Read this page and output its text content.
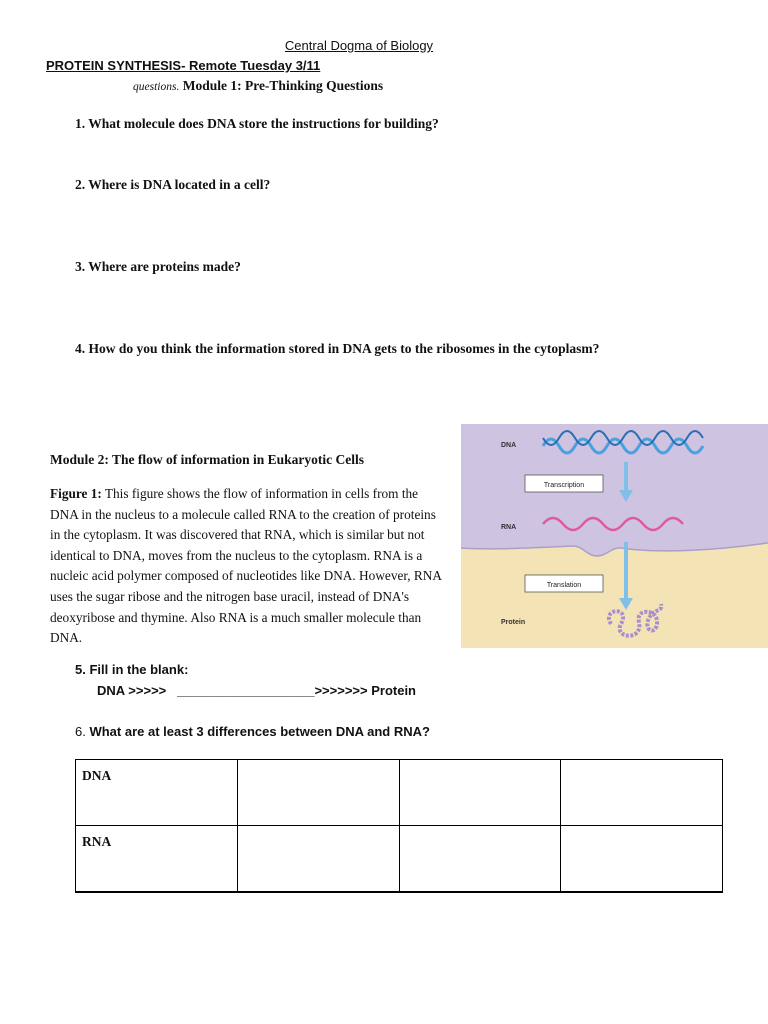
Central Dogma of Biology
PROTEIN SYNTHESIS- Remote Tuesday 3/11
questions. Module 1: Pre-Thinking Questions
1. What molecule does DNA store the instructions for building?
2. Where is DNA located in a cell?
3. Where are proteins made?
4. How do you think the information stored in DNA gets to the ribosomes in the cytoplasm?
Module 2: The flow of information in Eukaryotic Cells
Figure 1: This figure shows the flow of information in cells from the DNA in the nucleus to a molecule called RNA to the creation of proteins in the cytoplasm. It was discovered that RNA, which is similar but not identical to DNA, moves from the nucleus to the cytoplasm. RNA is a nucleic acid polymer composed of nucleotides like DNA. However, RNA uses the sugar ribose and the nitrogen base uracil, instead of DNA's deoxyribose and thymine. Also RNA is a much smaller molecule than DNA.
DNA
Transcription
RNA
Translation
Protein
5. Fill in the blank:
DNA >>>>>   ___________________>>>>>>> Protein
6. What are at least 3 differences between DNA and RNA?
DNA			
RNA			
